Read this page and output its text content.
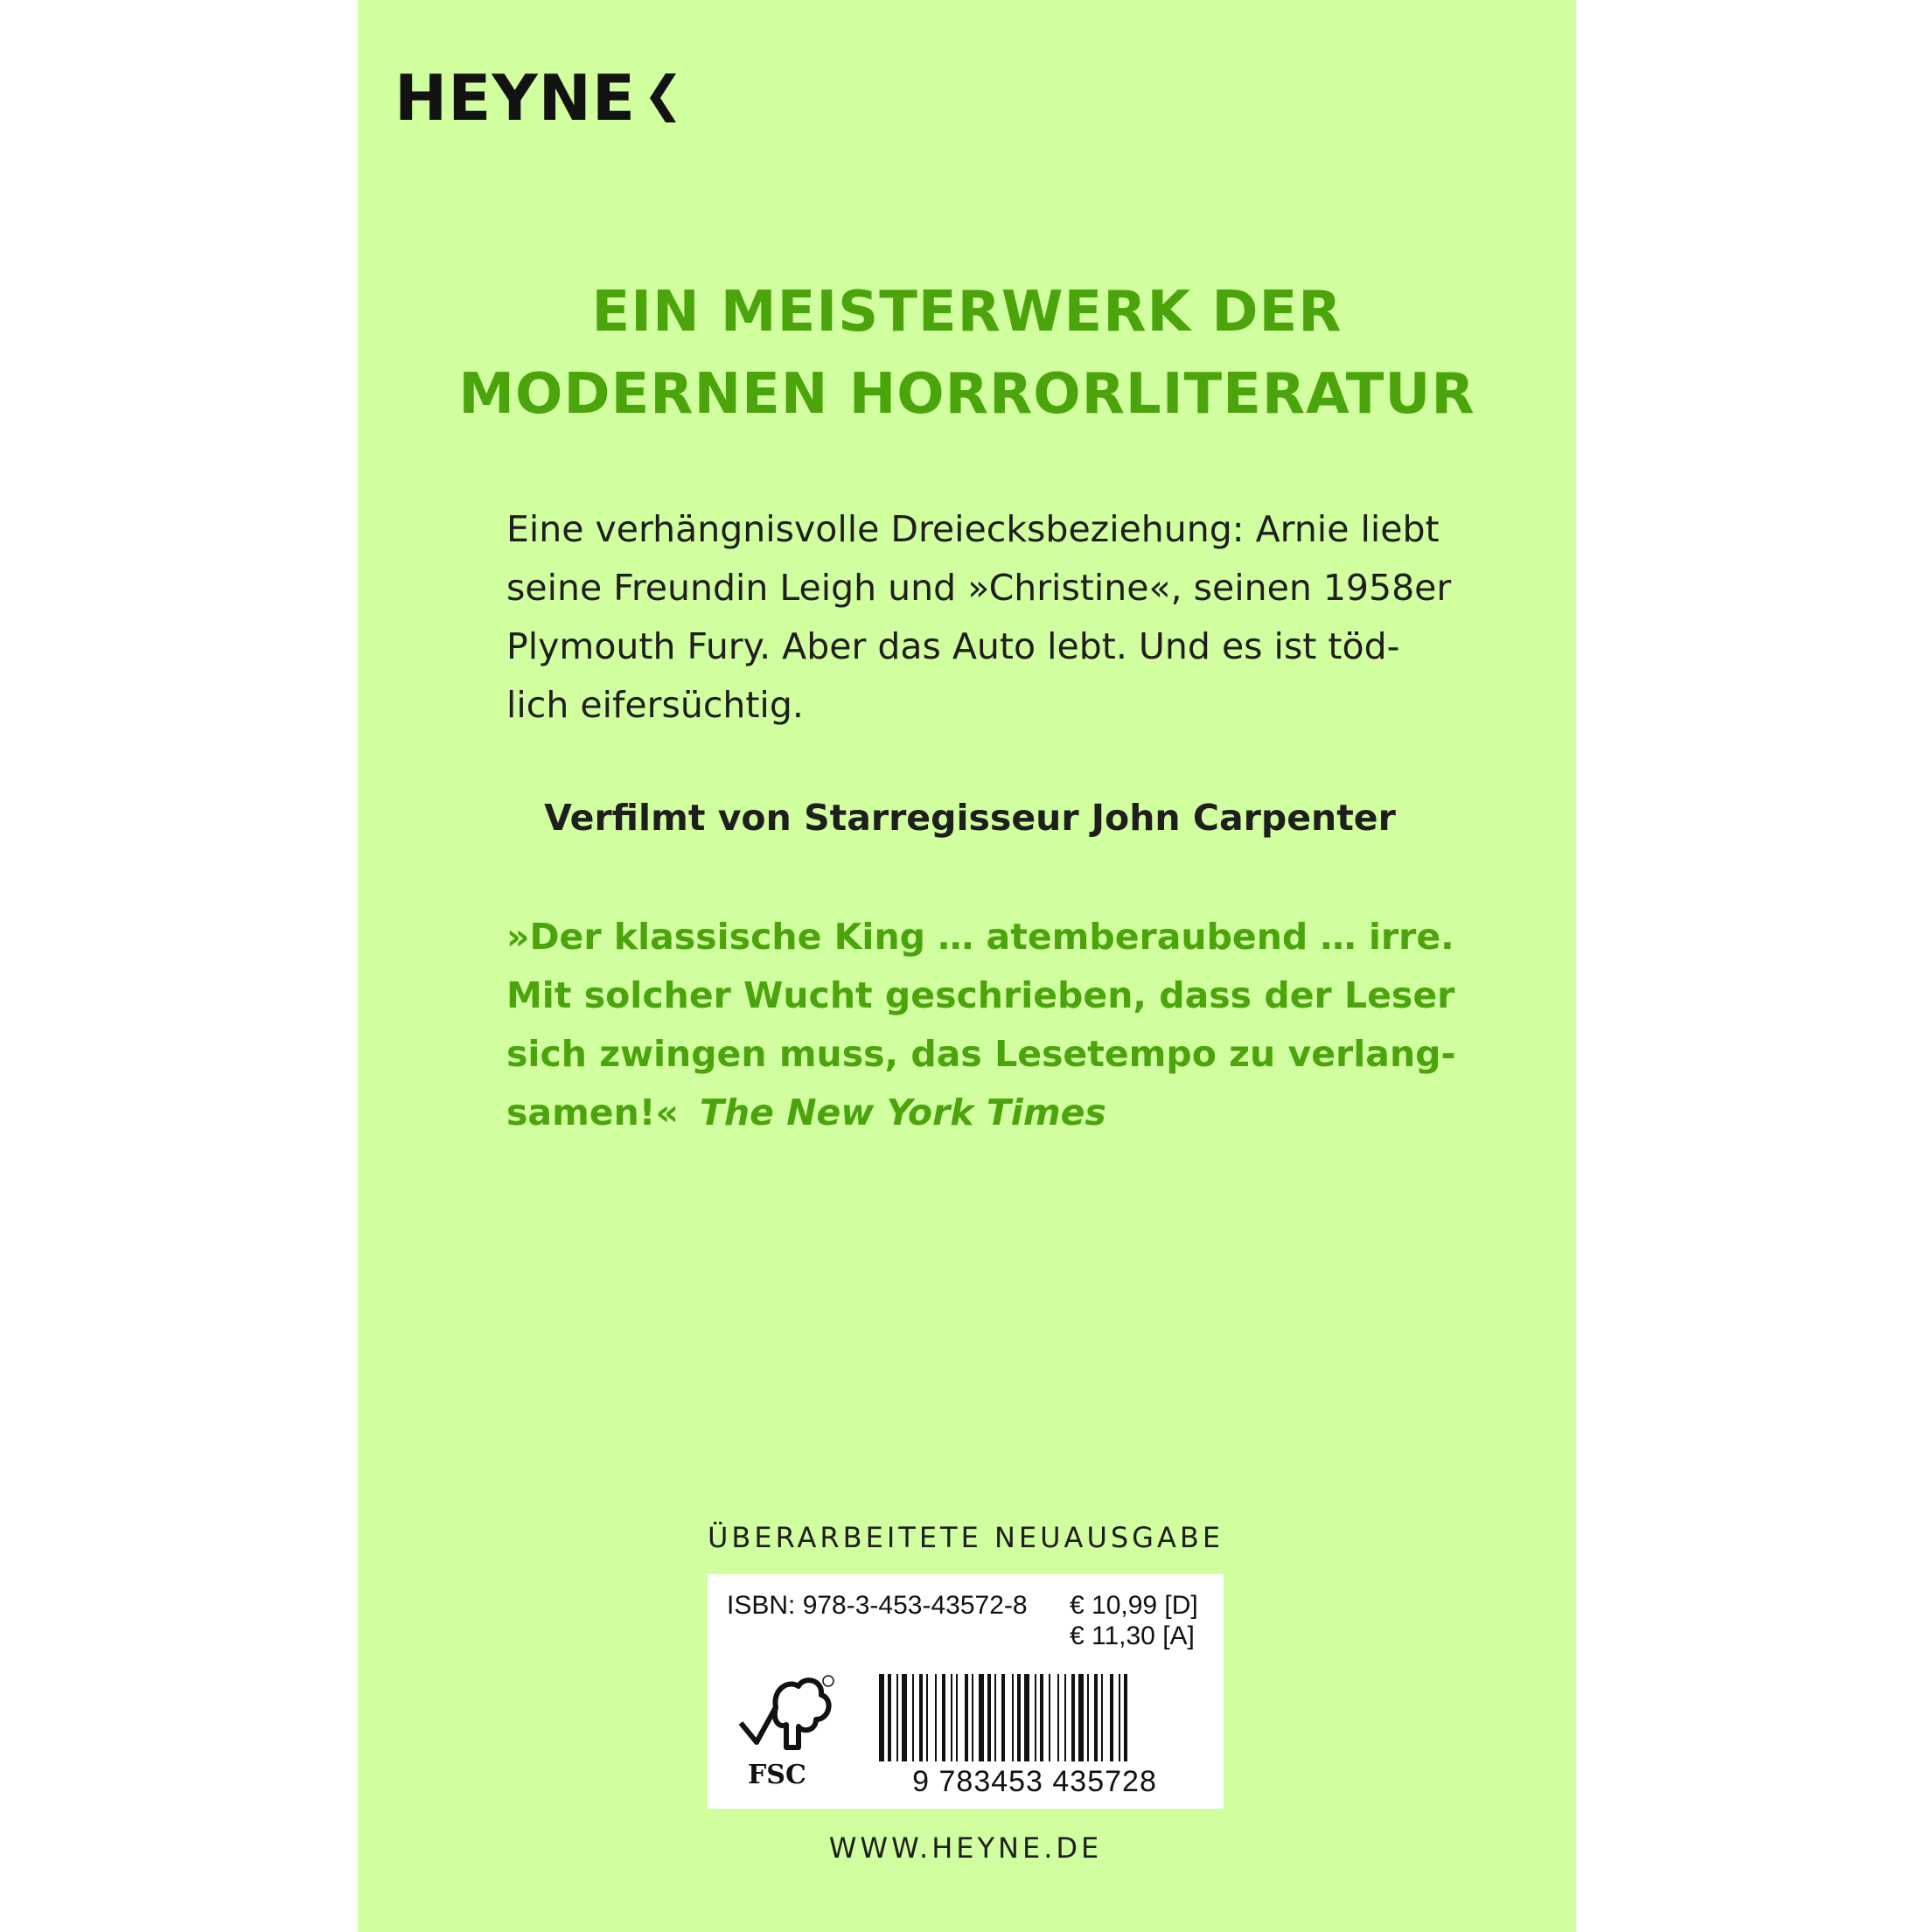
HEYNE
EIN MEISTERWERK DER
MODERNEN HORRORLITERATUR
Eine verhängnisvolle Dreiecksbeziehung: Arnie liebt
seine Freundin Leigh und »Christine«, seinen 1958er
Plymouth Fury. Aber das Auto lebt. Und es ist töd-
lich eifersüchtig.
Verfilmt von Starregisseur John Carpenter
»Der klassische King … atemberaubend … irre.
Mit solcher Wucht geschrieben, dass der Leser
sich zwingen muss, das Lesetempo zu verlang-
samen!« The New York Times
ÜBERARBEITETE NEUAUSGABE
ISBN: 978-3-453-43572-8 € 10,99 [D]
€ 11,30 [A]
FSC	9 783453 435728
WWW.HEYNE.DE
